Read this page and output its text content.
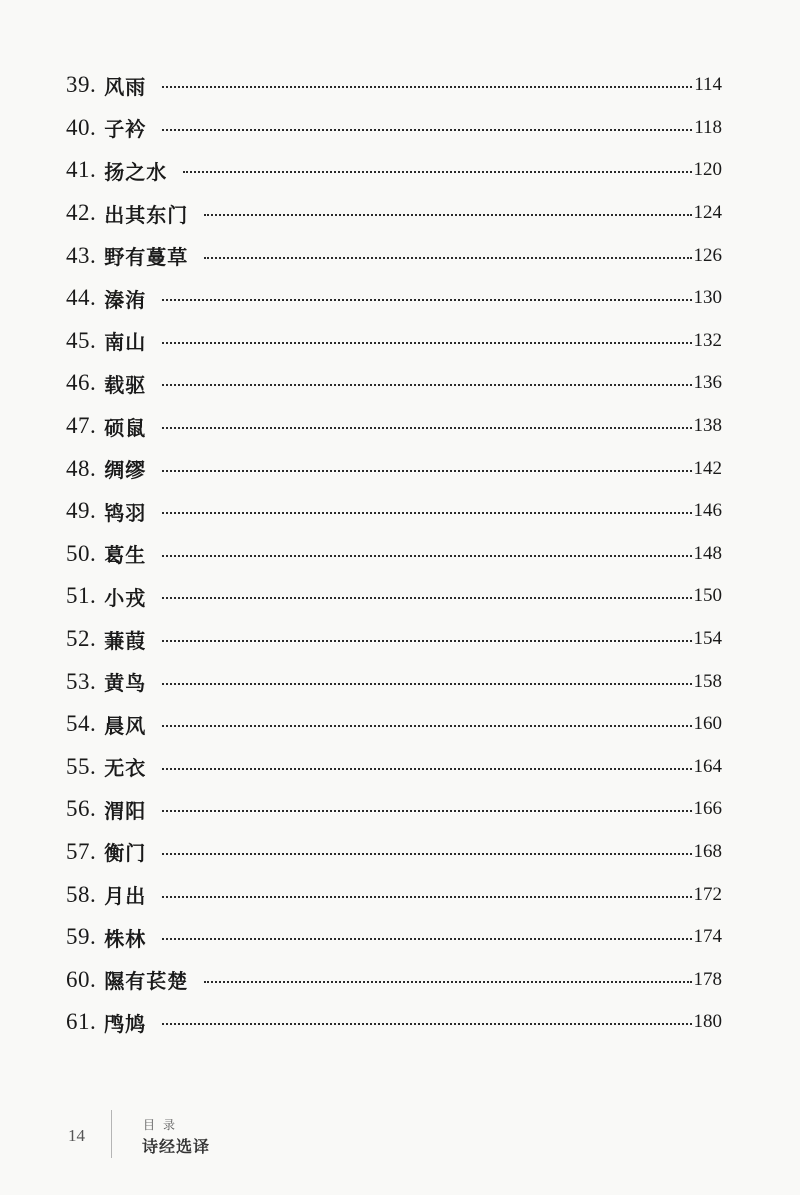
39. 风雨	114
40. 子衿	118
41. 扬之水	120
42. 出其东门	124
43. 野有蔓草	126
44. 溱洧	130
45. 南山	132
46. 载驱	136
47. 硕鼠	138
48. 绸缪	142
49. 鸨羽	146
50. 葛生	148
51. 小戎	150
52. 蒹葭	154
53. 黄鸟	158
54. 晨风	160
55. 无衣	164
56. 渭阳	166
57. 衡门	168
58. 月出	172
59. 株林	174
60. 隰有苌楚	178
61. 鸤鸠	180
14
目录
诗经选译
